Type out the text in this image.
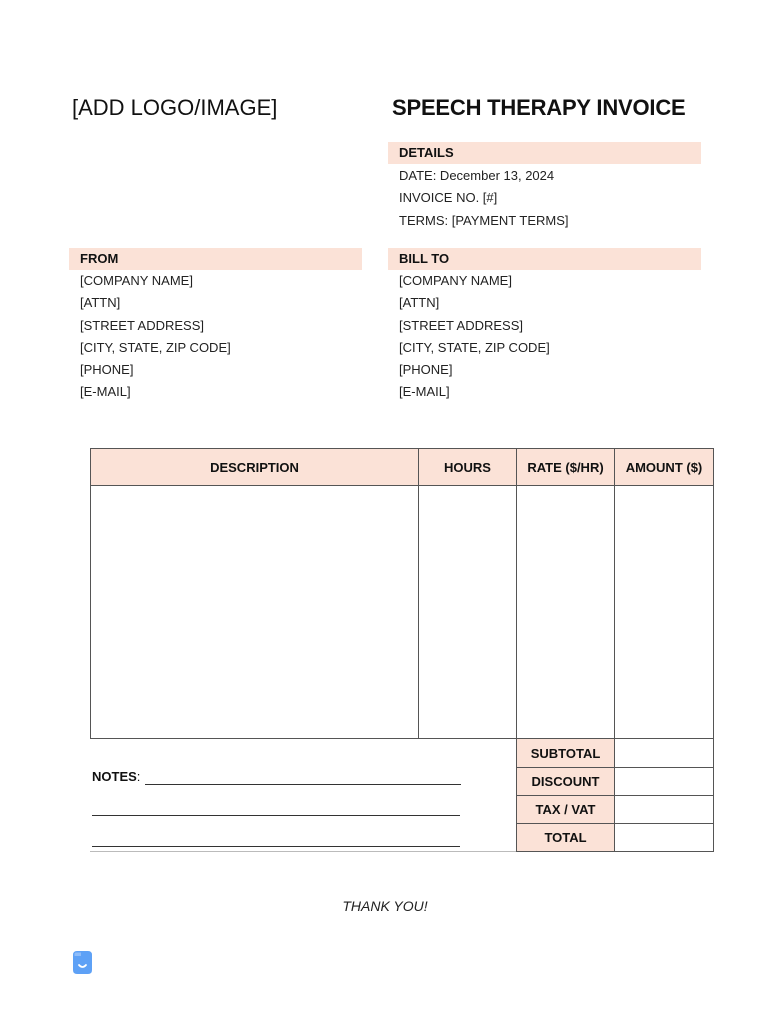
[ADD LOGO/IMAGE]	SPEECH THERAPY INVOICE
DETAILS
DATE: December 13, 2024
INVOICE NO. [#]
TERMS: [PAYMENT TERMS]
FROM
[COMPANY NAME]
[ATTN]
[STREET ADDRESS]
[CITY, STATE, ZIP CODE]
[PHONE]
[E-MAIL]
BILL TO
[COMPANY NAME]
[ATTN]
[STREET ADDRESS]
[CITY, STATE, ZIP CODE]
[PHONE]
[E-MAIL]
DESCRIPTION	HOURS	RATE ($/HR)	AMOUNT ($)

NOTES:
SUBTOTAL	
DISCOUNT	
TAX / VAT	
TOTAL	
THANK YOU!
